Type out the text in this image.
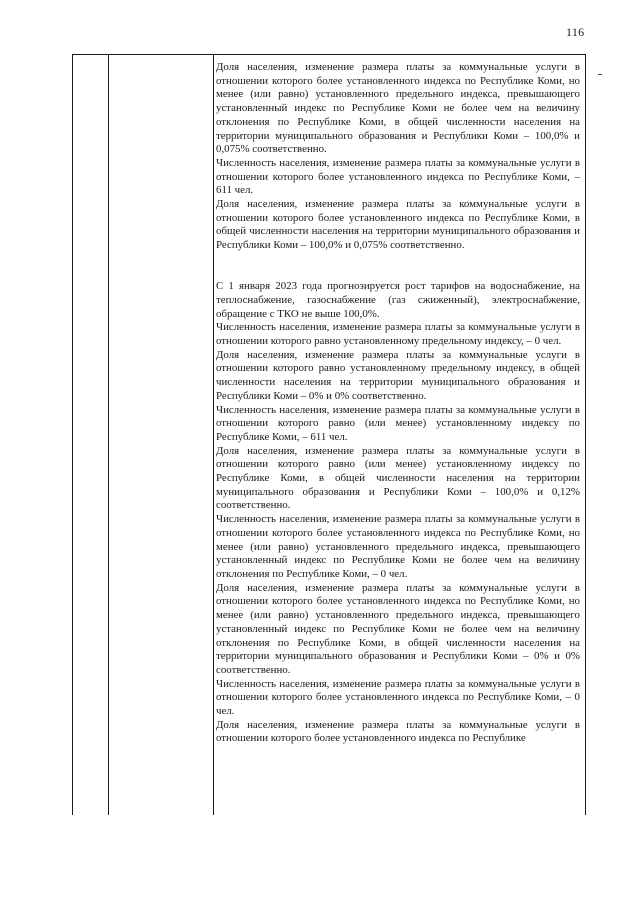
116

Доля населения, изменение размера платы за коммунальные услуги в отношении которого более установленного индекса по Республике Коми, но менее (или равно) установленного предельного индекса, превышающего установленный индекс по Республике Коми не более чем на величину отклонения по Республике Коми, в общей численности населения на территории муниципального образования и Республики Коми – 100,0% и 0,075% соответственно.

Численность населения, изменение размера платы за коммунальные услуги в отношении которого более установленного индекса по Республике Коми, – 611 чел.

Доля населения, изменение размера платы за коммунальные услуги в отношении которого более установленного индекса по Республике Коми, в общей численности населения на территории муниципального образования и Республики Коми – 100,0% и 0,075% соответственно.

С 1 января 2023 года прогнозируется рост тарифов на водоснабжение, на теплоснабжение, газоснабжение (газ сжиженный), электроснабжение, обращение с ТКО не выше 100,0%.

Численность населения, изменение размера платы за коммунальные услуги в отношении которого равно установленному предельному индексу, – 0 чел.

Доля населения, изменение размера платы за коммунальные услуги в отношении которого равно установленному предельному индексу, в общей численности населения на территории муниципального образования и Республики Коми – 0% и 0% соответственно.

Численность населения, изменение размера платы за коммунальные услуги в отношении которого равно (или менее) установленному индексу по Республике Коми, – 611 чел.

Доля населения, изменение размера платы за коммунальные услуги в отношении которого равно (или менее) установленному индексу по Республике Коми, в общей численности населения на территории муниципального образования и Республики Коми – 100,0% и 0,12% соответственно.

Численность населения, изменение размера платы за коммунальные услуги в отношении которого более установленного индекса по Республике Коми, но менее (или равно) установленного предельного индекса, превышающего установленный индекс по Республике Коми не более чем на величину отклонения по Республике Коми, – 0 чел.

Доля населения, изменение размера платы за коммунальные услуги в отношении которого более установленного индекса по Республике Коми, но менее (или равно) установленного предельного индекса, превышающего установленный индекс по Республике Коми не более чем на величину отклонения по Республике Коми, в общей численности населения на территории муниципального образования и Республики Коми – 0% и 0% соответственно.

Численность населения, изменение размера платы за коммунальные услуги в отношении которого более установленного индекса по Республике Коми, – 0 чел.

Доля населения, изменение размера платы за коммунальные услуги в отношении которого более установленного индекса по Республике
